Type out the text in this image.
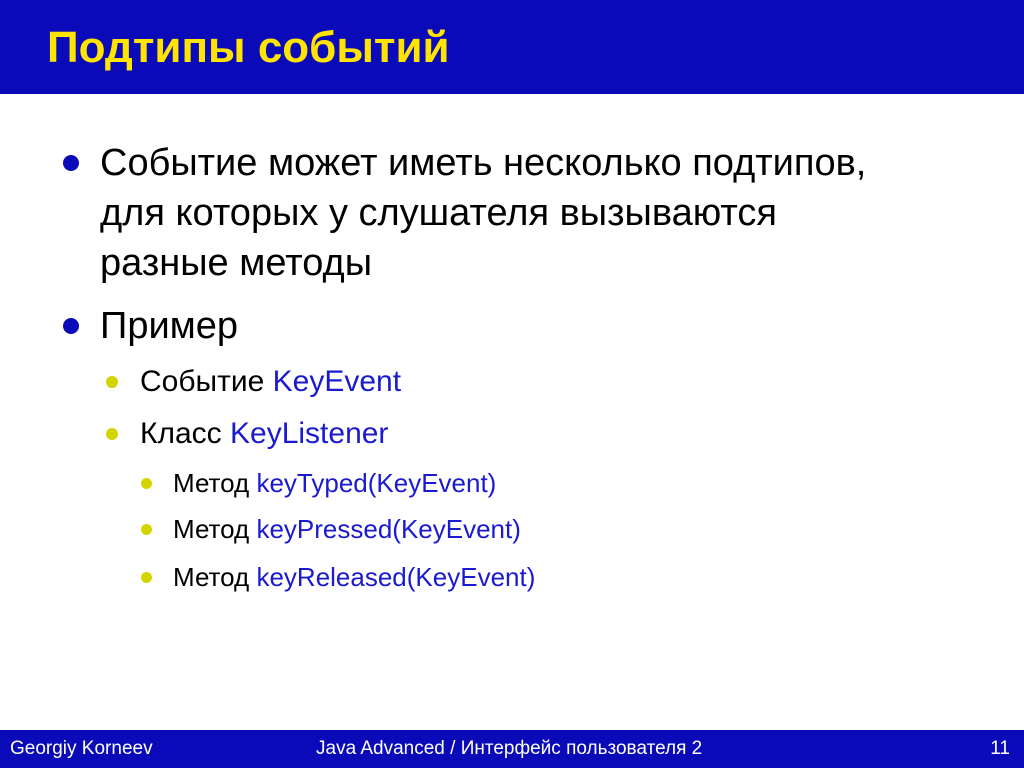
Подтипы событий
Событие может иметь несколько подтипов,
для которых у слушателя вызываются
разные методы
Пример
Событие KeyEvent
Класс KeyListener
Метод keyTyped(KeyEvent)
Метод keyPressed(KeyEvent)
Метод keyReleased(KeyEvent)
Georgiy Korneev	Java Advanced / Интерфейс пользователя 2	11
